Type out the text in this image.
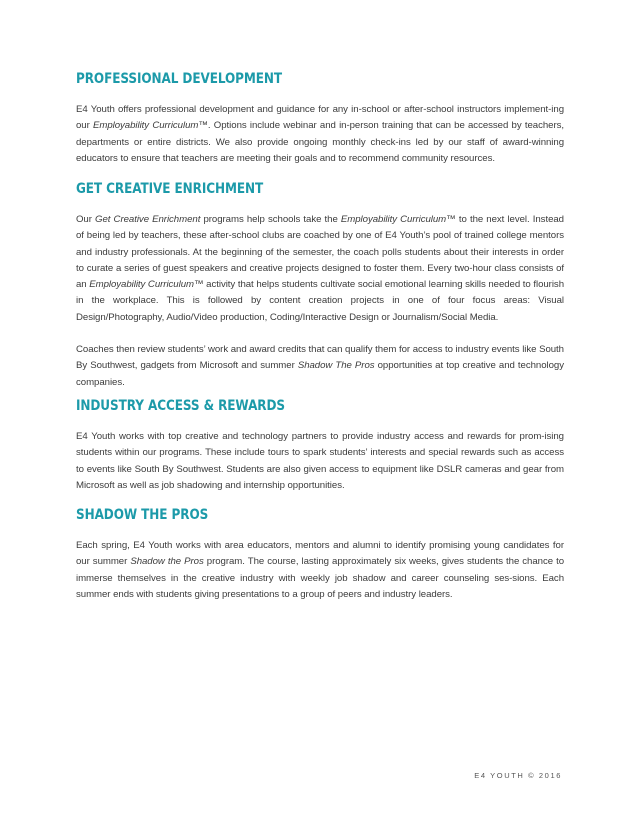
PROFESSIONAL DEVELOPMENT

E4 Youth offers professional development and guidance for any in-school or after-school instructors implement-ing our Employability Curriculum™. Options include webinar and in-person training that can be accessed by teachers, departments or entire districts. We also provide ongoing monthly check-ins led by our staff of award-winning educators to ensure that teachers are meeting their goals and to recommend community resources.

GET CREATIVE ENRICHMENT

Our Get Creative Enrichment programs help schools take the Employability Curriculum™ to the next level. Instead of being led by teachers, these after-school clubs are coached by one of E4 Youth’s pool of trained college mentors and industry professionals. At the beginning of the semester, the coach polls students about their interests in order to curate a series of guest speakers and creative projects designed to foster them. Every two-hour class consists of an Employability Curriculum™ activity that helps students cultivate social emotional learning skills needed to flourish in the workplace. This is followed by content creation projects in one of four focus areas: Visual Design/Photography, Audio/Video production, Coding/Interactive Design or Journalism/Social Media.

Coaches then review students’ work and award credits that can qualify them for access to industry events like South By Southwest, gadgets from Microsoft and summer Shadow The Pros opportunities at top creative and technology companies.

INDUSTRY ACCESS & REWARDS

E4 Youth works with top creative and technology partners to provide industry access and rewards for prom-ising students within our programs. These include tours to spark students’ interests and special rewards such as access to events like South By Southwest. Students are also given access to equipment like DSLR cameras and gear from Microsoft as well as job shadowing and internship opportunities.

SHADOW THE PROS

Each spring, E4 Youth works with area educators, mentors and alumni to identify promising young candidates for our summer Shadow the Pros program. The course, lasting approximately six weeks, gives students the chance to immerse themselves in the creative industry with weekly job shadow and career counseling ses-sions. Each summer ends with students giving presentations to a group of peers and industry leaders.

E4 YOUTH © 2016
